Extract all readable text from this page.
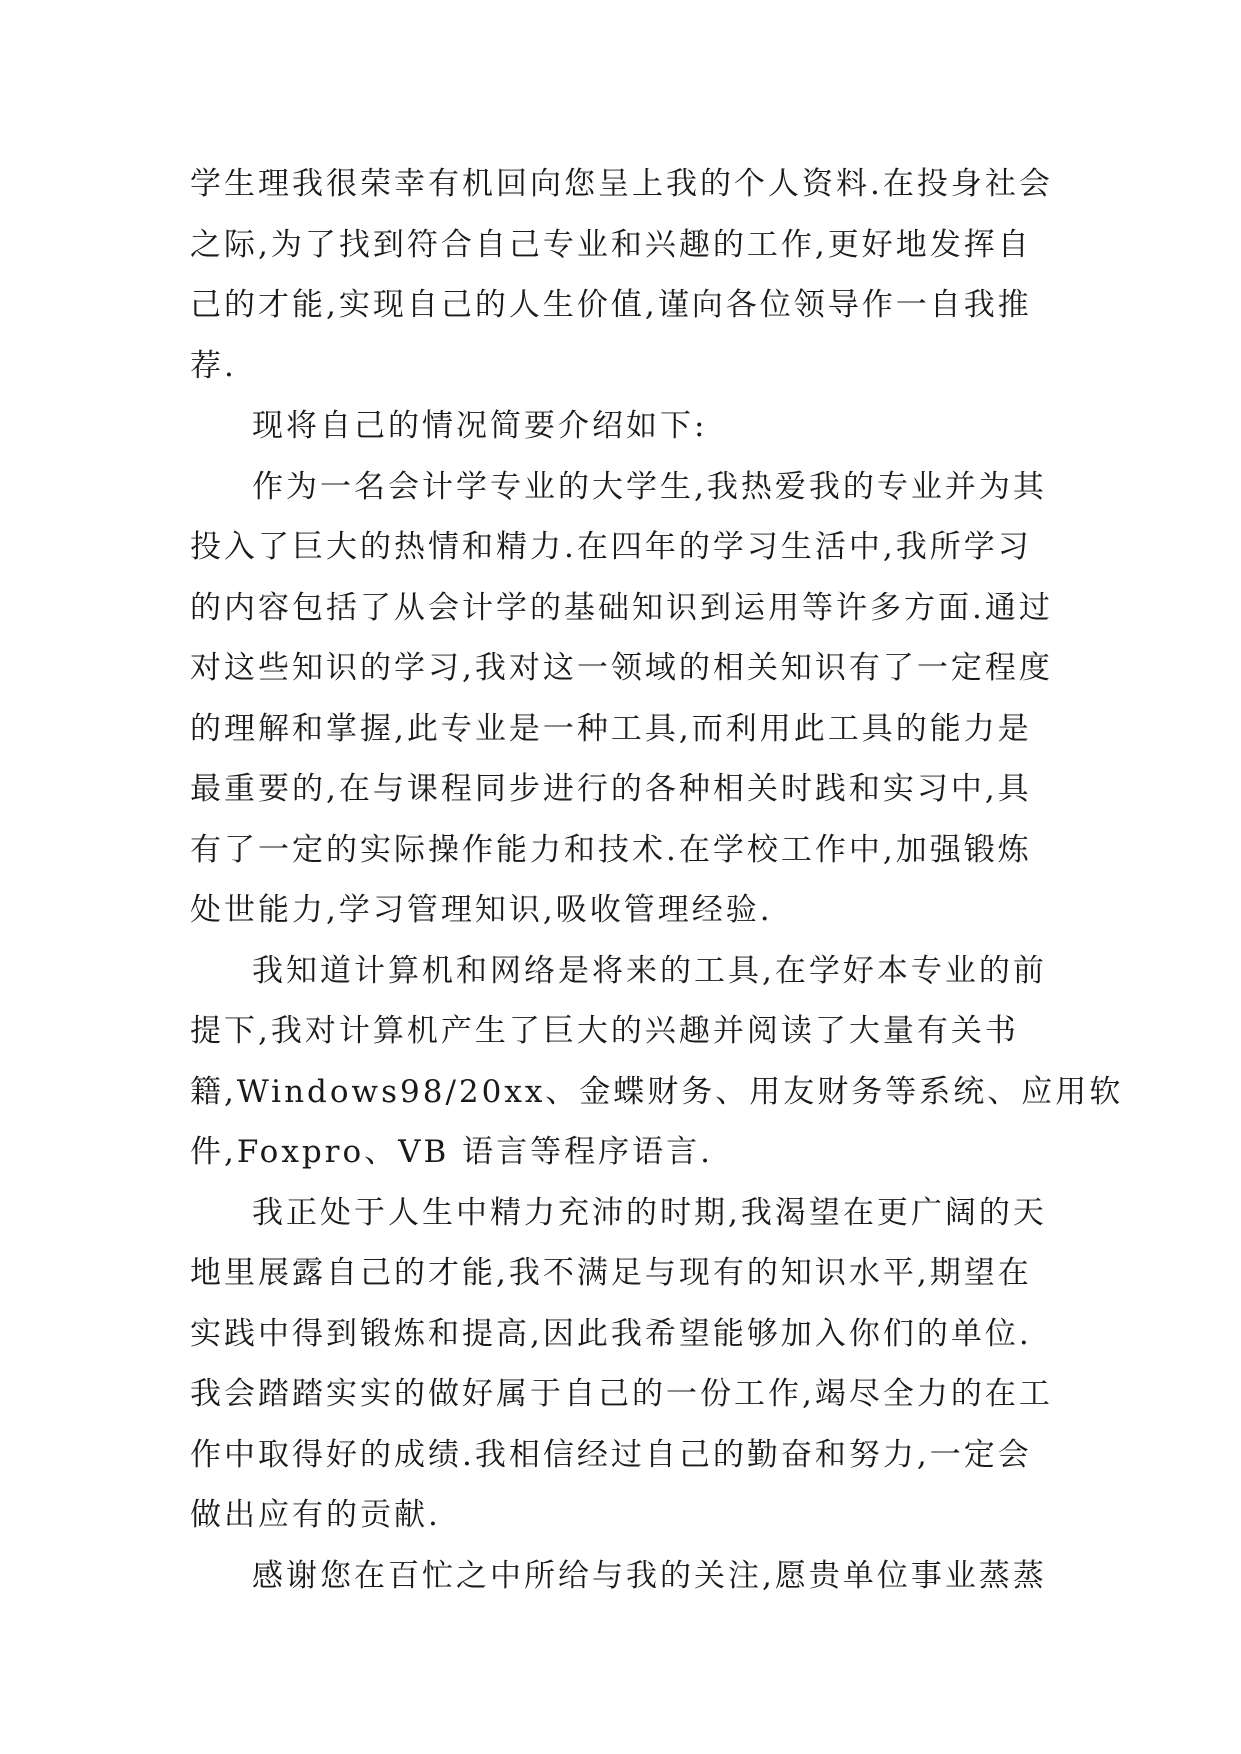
学生理我很荣幸有机回向您呈上我的个人资料.在投身社会
之际,为了找到符合自己专业和兴趣的工作,更好地发挥自
己的才能,实现自己的人生价值,谨向各位领导作一自我推
荐.
现将自己的情况简要介绍如下:
作为一名会计学专业的大学生,我热爱我的专业并为其
投入了巨大的热情和精力.在四年的学习生活中,我所学习
的内容包括了从会计学的基础知识到运用等许多方面.通过
对这些知识的学习,我对这一领域的相关知识有了一定程度
的理解和掌握,此专业是一种工具,而利用此工具的能力是
最重要的,在与课程同步进行的各种相关时践和实习中,具
有了一定的实际操作能力和技术.在学校工作中,加强锻炼
处世能力,学习管理知识,吸收管理经验.
我知道计算机和网络是将来的工具,在学好本专业的前
提下,我对计算机产生了巨大的兴趣并阅读了大量有关书
籍,Windows98/20xx、金蝶财务、用友财务等系统、应用软
件,Foxpro、VB 语言等程序语言.
我正处于人生中精力充沛的时期,我渴望在更广阔的天
地里展露自己的才能,我不满足与现有的知识水平,期望在
实践中得到锻炼和提高,因此我希望能够加入你们的单位.
我会踏踏实实的做好属于自己的一份工作,竭尽全力的在工
作中取得好的成绩.我相信经过自己的勤奋和努力,一定会
做出应有的贡献.
感谢您在百忙之中所给与我的关注,愿贵单位事业蒸蒸
